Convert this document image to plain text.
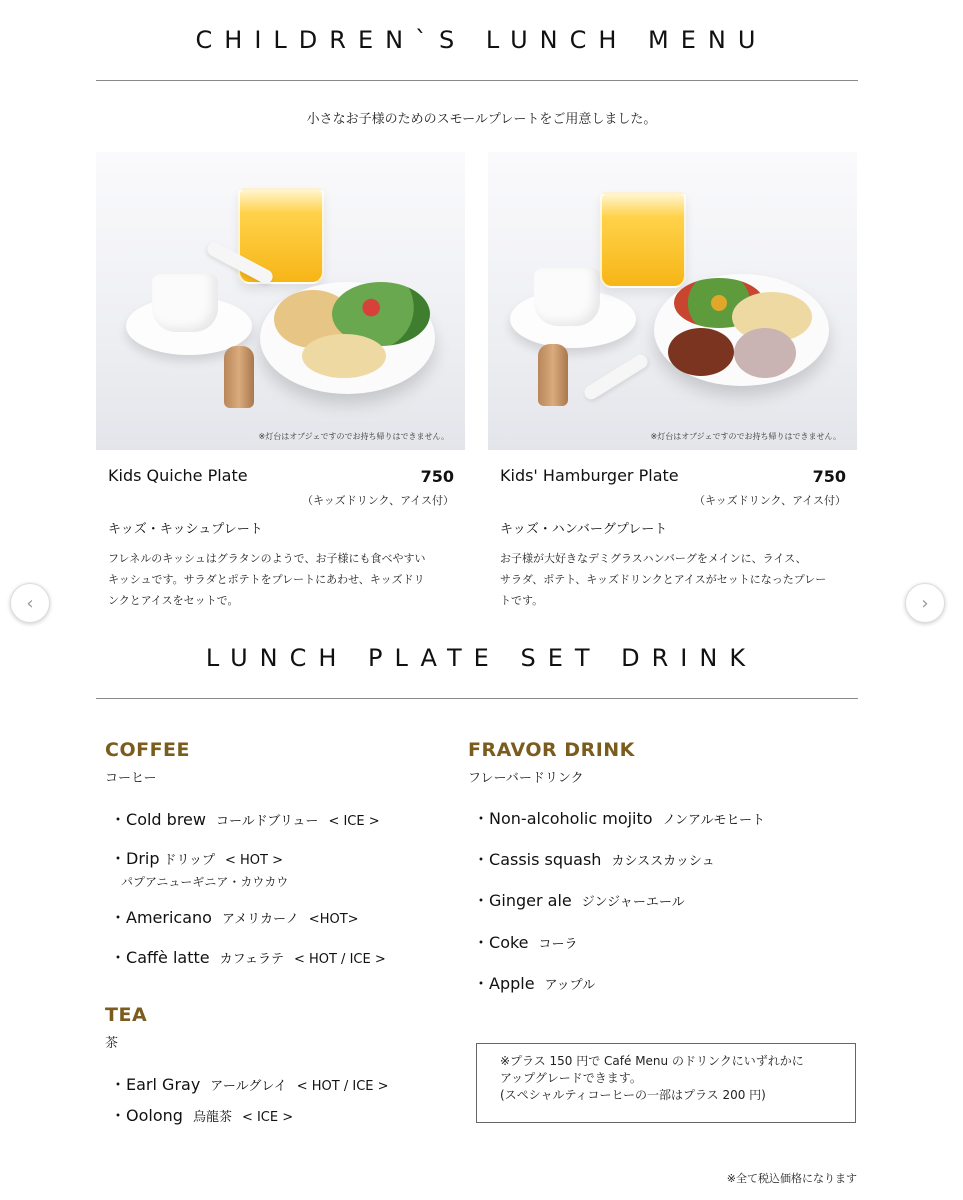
CHILDREN`S LUNCH MENU
小さなお子様のためのスモールプレートをご用意しました。
※灯台はオブジェですのでお持ち帰りはできません。	※灯台はオブジェですのでお持ち帰りはできません。
Kids Quiche Plate	750
（キッズドリンク、アイス付）
キッズ・キッシュプレート
フレネルのキッシュはグラタンのようで、お子様にも食べやすい
キッシュです。サラダとポテトをプレートにあわせ、キッズドリ
ンクとアイスをセットで。
Kids' Hamburger Plate	750
（キッズドリンク、アイス付）
キッズ・ハンバーグプレート
お子様が大好きなデミグラスハンバーグをメインに、ライス、
サラダ、ポテト、キッズドリンクとアイスがセットになったプレー
トです。
‹	›
LUNCH PLATE SET DRINK
COFFEE
コーヒー
・Cold brew コールドブリュー < ICE >
・Drip ドリップ < HOT >
パプアニューギニア・カウカウ
・Americano アメリカーノ <HOT>
・Caffè latte カフェラテ < HOT / ICE >
TEA
茶
・Earl Gray アールグレイ < HOT / ICE >
・Oolong 烏龍茶 < ICE >
FRAVOR DRINK
フレーバードリンク
・Non-alcoholic mojito ノンアルモヒート
・Cassis squash カシススカッシュ
・Ginger ale ジンジャーエール
・Coke コーラ
・Apple アップル
※プラス 150 円で Café Menu のドリンクにいずれかに
アップグレードできます。
(スペシャルティコーヒーの一部はプラス 200 円)
※全て税込価格になります
